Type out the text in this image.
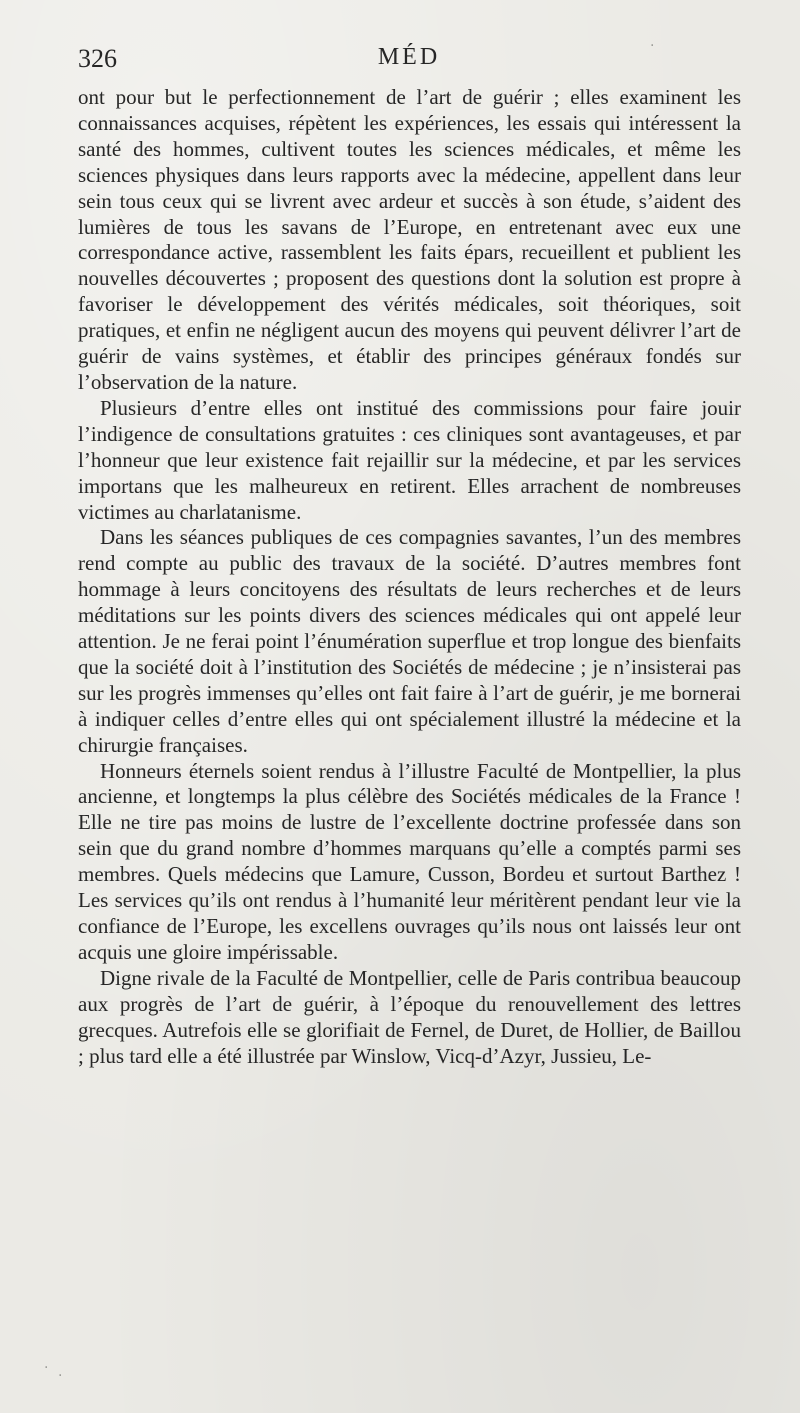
326	MÉD

ont pour but le perfectionnement de l’art de guérir ; elles examinent les connaissances acquises, répètent les expériences, les essais qui intéressent la santé des hommes, cultivent toutes les sciences médicales, et même les sciences physiques dans leurs rapports avec la médecine, appellent dans leur sein tous ceux qui se livrent avec ardeur et succès à son étude, s’aident des lumières de tous les savans de l’Europe, en entretenant avec eux une correspondance active, rassemblent les faits épars, recueillent et publient les nouvelles découvertes ; proposent des questions dont la solution est propre à favoriser le développement des vérités médicales, soit théoriques, soit pratiques, et enfin ne négligent aucun des moyens qui peuvent délivrer l’art de guérir de vains systèmes, et établir des principes généraux fondés sur l’observation de la nature.

Plusieurs d’entre elles ont institué des commissions pour faire jouir l’indigence de consultations gratuites : ces cliniques sont avantageuses, et par l’honneur que leur existence fait rejaillir sur la médecine, et par les services importans que les malheureux en retirent. Elles arrachent de nombreuses victimes au charlatanisme.

Dans les séances publiques de ces compagnies savantes, l’un des membres rend compte au public des travaux de la société. D’autres membres font hommage à leurs concitoyens des résultats de leurs recherches et de leurs méditations sur les points divers des sciences médicales qui ont appelé leur attention. Je ne ferai point l’énumération superflue et trop longue des bienfaits que la société doit à l’institution des Sociétés de médecine ; je n’insisterai pas sur les progrès immenses qu’elles ont fait faire à l’art de guérir, je me bornerai à indiquer celles d’entre elles qui ont spécialement illustré la médecine et la chirurgie françaises.

Honneurs éternels soient rendus à l’illustre Faculté de Montpellier, la plus ancienne, et longtemps la plus célèbre des Sociétés médicales de la France ! Elle ne tire pas moins de lustre de l’excellente doctrine professée dans son sein que du grand nombre d’hommes marquans qu’elle a comptés parmi ses membres. Quels médecins que Lamure, Cusson, Bordeu et surtout Barthez ! Les services qu’ils ont rendus à l’humanité leur méritèrent pendant leur vie la confiance de l’Europe, les excellens ouvrages qu’ils nous ont laissés leur ont acquis une gloire impérissable.

Digne rivale de la Faculté de Montpellier, celle de Paris contribua beaucoup aux progrès de l’art de guérir, à l’époque du renouvellement des lettres grecques. Autrefois elle se glorifiait de Fernel, de Duret, de Hollier, de Baillou ; plus tard elle a été illustrée par Winslow, Vicq-d’Azyr, Jussieu, Le-

·
· ·
